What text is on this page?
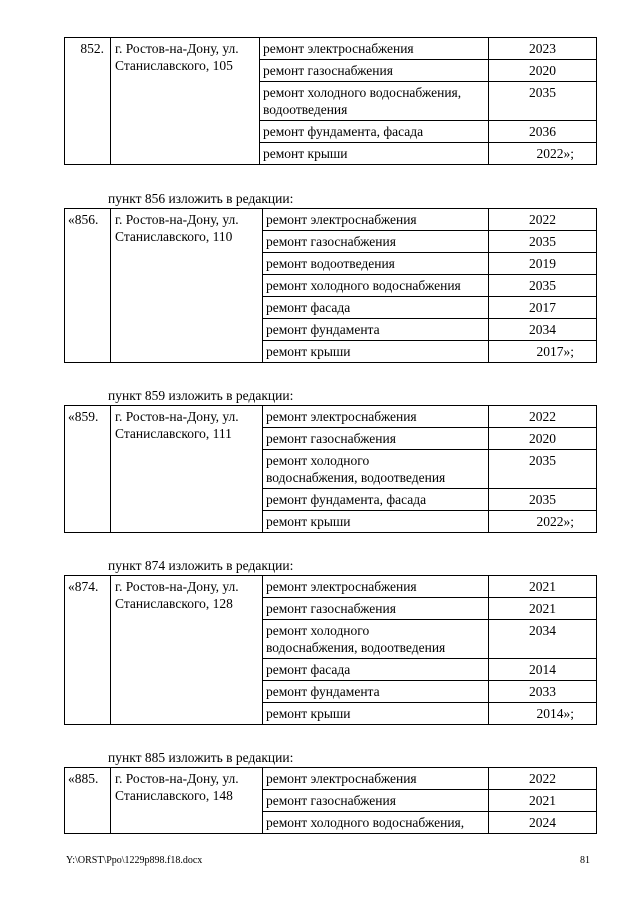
852.	г. Ростов-на-Дону, ул. Станиславского, 105	ремонт электроснабжения	2023
		ремонт газоснабжения	2020
		ремонт холодного водоснабжения, водоотведения	2035
		ремонт фундамента, фасада	2036
		ремонт крыши	2022»;
пункт 856 изложить в редакции:
«856.	г. Ростов-на-Дону, ул. Станиславского, 110	ремонт электроснабжения	2022
		ремонт газоснабжения	2035
		ремонт водоотведения	2019
		ремонт холодного водоснабжения	2035
		ремонт фасада	2017
		ремонт фундамента	2034
		ремонт крыши	2017»;
пункт 859 изложить в редакции:
«859.	г. Ростов-на-Дону, ул. Станиславского, 111	ремонт электроснабжения	2022
		ремонт газоснабжения	2020
		ремонт холодного водоснабжения, водоотведения	2035
		ремонт фундамента, фасада	2035
		ремонт крыши	2022»;
пункт 874 изложить в редакции:
«874.	г. Ростов-на-Дону, ул. Станиславского, 128	ремонт электроснабжения	2021
		ремонт газоснабжения	2021
		ремонт холодного водоснабжения, водоотведения	2034
		ремонт фасада	2014
		ремонт фундамента	2033
		ремонт крыши	2014»;
пункт 885 изложить в редакции:
«885.	г. Ростов-на-Дону, ул. Станиславского, 148	ремонт электроснабжения	2022
		ремонт газоснабжения	2021
		ремонт холодного водоснабжения,	2024
Y:\ORST\Ppo\1229p898.f18.docx	81
